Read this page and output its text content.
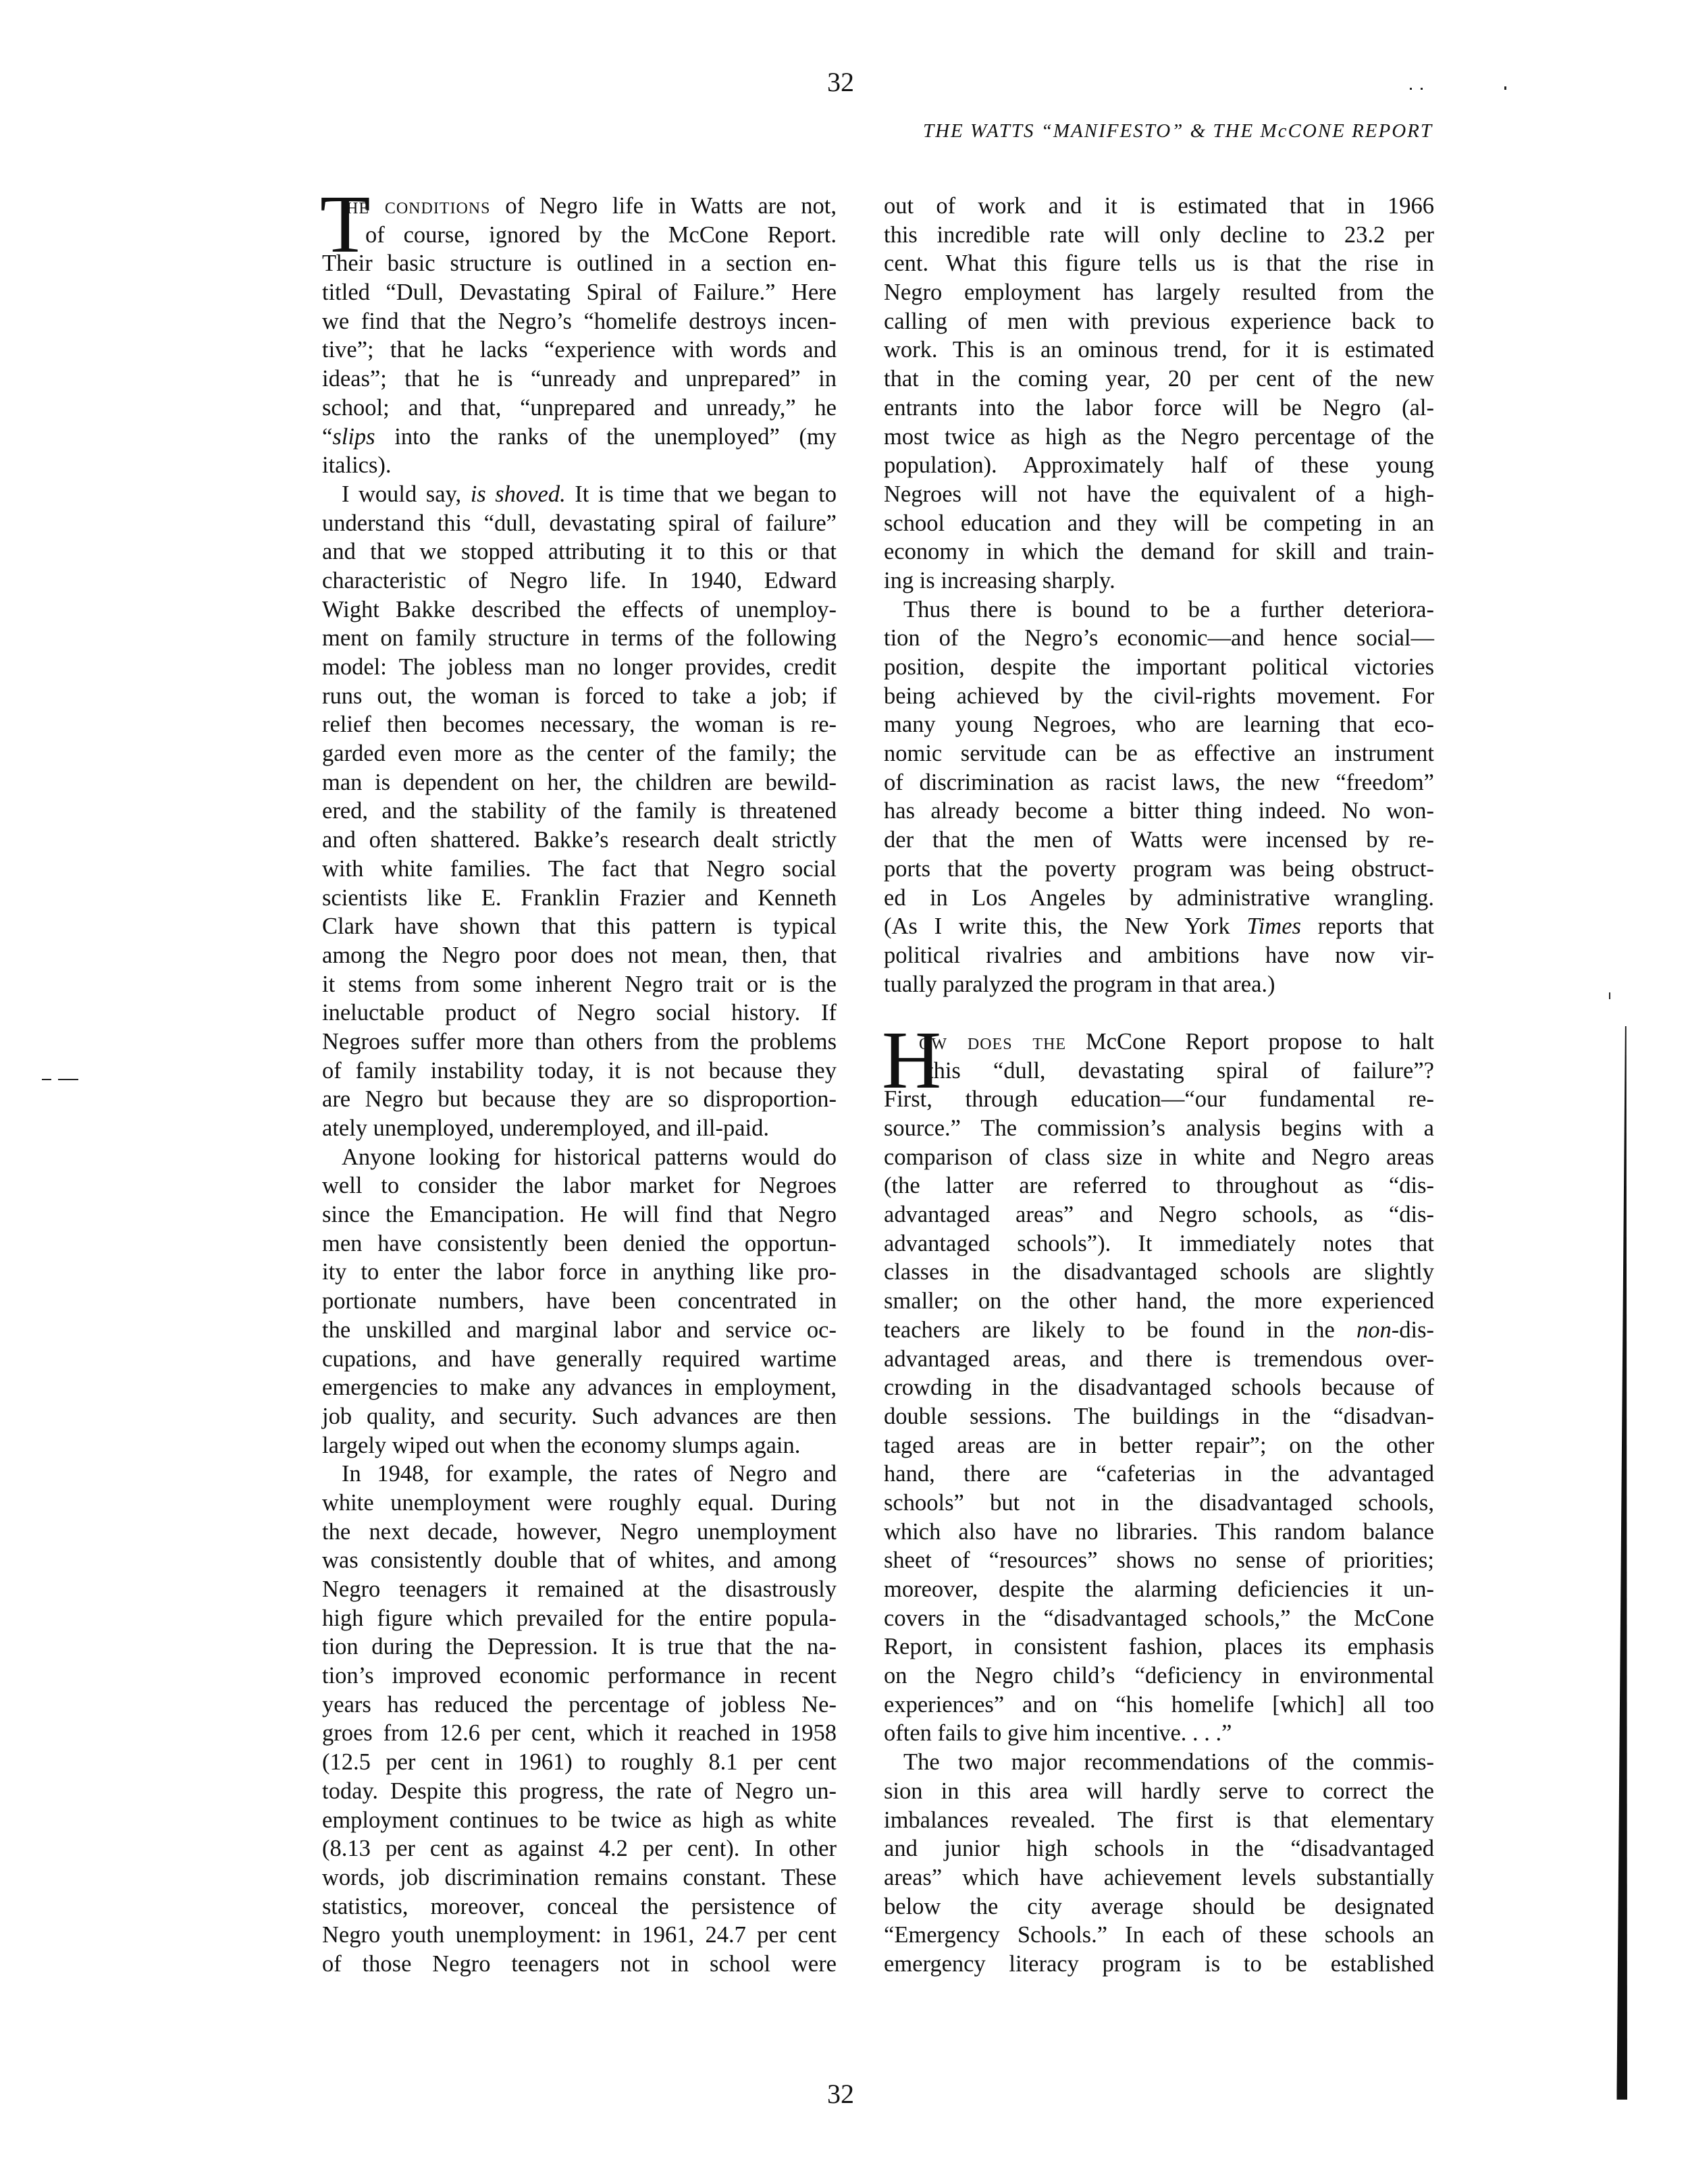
32
THE WATTS “MANIFESTO” & THE McCONE REPORT
T
he conditions of Negro life in Watts are not,
of course, ignored by the McCone Report.
Their basic structure is outlined in a section en-
titled “Dull, Devastating Spiral of Failure.” Here
we find that the Negro’s “homelife destroys incen-
tive”; that he lacks “experience with words and
ideas”; that he is “unready and unprepared” in
school; and that, “unprepared and unready,” he
“slips into the ranks of the unemployed” (my
italics).
I would say, is shoved. It is time that we began to
understand this “dull, devastating spiral of failure”
and that we stopped attributing it to this or that
characteristic of Negro life. In 1940, Edward
Wight Bakke described the effects of unemploy-
ment on family structure in terms of the following
model: The jobless man no longer provides, credit
runs out, the woman is forced to take a job; if
relief then becomes necessary, the woman is re-
garded even more as the center of the family; the
man is dependent on her, the children are bewild-
ered, and the stability of the family is threatened
and often shattered. Bakke’s research dealt strictly
with white families. The fact that Negro social
scientists like E. Franklin Frazier and Kenneth
Clark have shown that this pattern is typical
among the Negro poor does not mean, then, that
it stems from some inherent Negro trait or is the
ineluctable product of Negro social history. If
Negroes suffer more than others from the problems
of family instability today, it is not because they
are Negro but because they are so disproportion-
ately unemployed, underemployed, and ill-paid.
Anyone looking for historical patterns would do
well to consider the labor market for Negroes
since the Emancipation. He will find that Negro
men have consistently been denied the opportun-
ity to enter the labor force in anything like pro-
portionate numbers, have been concentrated in
the unskilled and marginal labor and service oc-
cupations, and have generally required wartime
emergencies to make any advances in employment,
job quality, and security. Such advances are then
largely wiped out when the economy slumps again.
In 1948, for example, the rates of Negro and
white unemployment were roughly equal. During
the next decade, however, Negro unemployment
was consistently double that of whites, and among
Negro teenagers it remained at the disastrously
high figure which prevailed for the entire popula-
tion during the Depression. It is true that the na-
tion’s improved economic performance in recent
years has reduced the percentage of jobless Ne-
groes from 12.6 per cent, which it reached in 1958
(12.5 per cent in 1961) to roughly 8.1 per cent
today. Despite this progress, the rate of Negro un-
employment continues to be twice as high as white
(8.13 per cent as against 4.2 per cent). In other
words, job discrimination remains constant. These
statistics, moreover, conceal the persistence of
Negro youth unemployment: in 1961, 24.7 per cent
of those Negro teenagers not in school were
out of work and it is estimated that in 1966
this incredible rate will only decline to 23.2 per
cent. What this figure tells us is that the rise in
Negro employment has largely resulted from the
calling of men with previous experience back to
work. This is an ominous trend, for it is estimated
that in the coming year, 20 per cent of the new
entrants into the labor force will be Negro (al-
most twice as high as the Negro percentage of the
population). Approximately half of these young
Negroes will not have the equivalent of a high-
school education and they will be competing in an
economy in which the demand for skill and train-
ing is increasing sharply.
Thus there is bound to be a further deteriora-
tion of the Negro’s economic—and hence social—
position, despite the important political victories
being achieved by the civil-rights movement. For
many young Negroes, who are learning that eco-
nomic servitude can be as effective an instrument
of discrimination as racist laws, the new “freedom”
has already become a bitter thing indeed. No won-
der that the men of Watts were incensed by re-
ports that the poverty program was being obstruct-
ed in Los Angeles by administrative wrangling.
(As I write this, the New York Times reports that
political rivalries and ambitions have now vir-
tually paralyzed the program in that area.)

H
ow does the McCone Report propose to halt
this “dull, devastating spiral of failure”?
First, through education—“our fundamental re-
source.” The commission’s analysis begins with a
comparison of class size in white and Negro areas
(the latter are referred to throughout as “dis-
advantaged areas” and Negro schools, as “dis-
advantaged schools”). It immediately notes that
classes in the disadvantaged schools are slightly
smaller; on the other hand, the more experienced
teachers are likely to be found in the non-dis-
advantaged areas, and there is tremendous over-
crowding in the disadvantaged schools because of
double sessions. The buildings in the “disadvan-
taged areas are in better repair”; on the other
hand, there are “cafeterias in the advantaged
schools” but not in the disadvantaged schools,
which also have no libraries. This random balance
sheet of “resources” shows no sense of priorities;
moreover, despite the alarming deficiencies it un-
covers in the “disadvantaged schools,” the McCone
Report, in consistent fashion, places its emphasis
on the Negro child’s “deficiency in environmental
experiences” and on “his homelife [which] all too
often fails to give him incentive. . . .”
The two major recommendations of the commis-
sion in this area will hardly serve to correct the
imbalances revealed. The first is that elementary
and junior high schools in the “disadvantaged
areas” which have achievement levels substantially
below the city average should be designated
“Emergency Schools.” In each of these schools an
emergency literacy program is to be established
32
